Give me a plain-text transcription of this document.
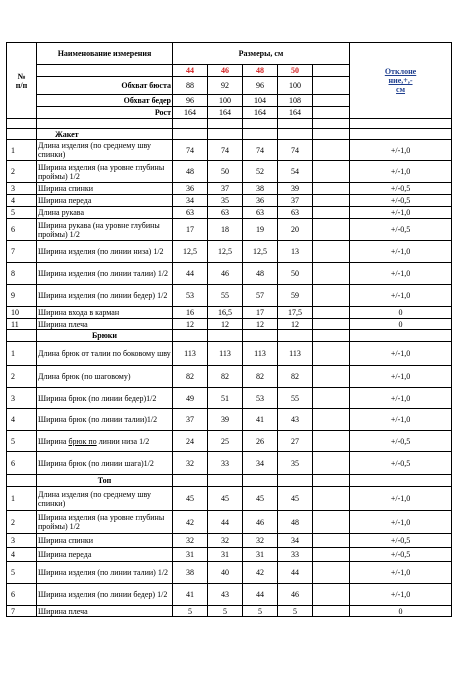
№
п/п	Наименование измерения	Размеры, см					Отклоне
ние,+,-
см
		44	46	48	50		
	Обхват бюста	88	92	96	100		
	Обхват бедер	96	100	104	108		
	Рост	164	164	164	164		

	Жакет						
1	Длина изделия (по среднему шву спинки)	74	74	74	74		+/-1,0
2	Ширина изделия (на уровне глубины проймы) 1/2	48	50	52	54		+/-1,0
3	Ширина спинки	36	37	38	39		+/-0,5
4	Ширина переда	34	35	36	37		+/-0,5
5	Длина рукава	63	63	63	63		+/-1,0
6	Ширина рукава (на уровне глубины проймы) 1/2	17	18	19	20		+/-0,5
7	Ширина изделия (по линии низа) 1/2	12,5	12,5	12,5	13		+/-1,0
8	Ширина изделия (по линии талии) 1/2	44	46	48	50		+/-1,0
9	Ширина изделия (по линии бедер) 1/2	53	55	57	59		+/-1,0
10	Ширина входа в карман	16	16,5	17	17,5		0
11	Ширина плеча	12	12	12	12		0
	Брюки						
1	Длина брюк от талии по боковому шву	113	113	113	113		+/-1,0
2	Длина брюк (по шаговому)	82	82	82	82		+/-1,0
3	Ширина брюк (по линии бедер)1/2	49	51	53	55		+/-1,0
4	Ширина брюк (по линии талии)1/2	37	39	41	43		+/-1,0
5	Ширина брюк по линии низа 1/2	24	25	26	27		+/-0,5
6	Ширина брюк (по линии шага)1/2	32	33	34	35		+/-0,5
	Топ						
1	Длина изделия (по среднему шву спинки)	45	45	45	45		+/-1,0
2	Ширина изделия (на уровне глубины проймы) 1/2	42	44	46	48		+/-1,0
3	Ширина спинки	32	32	32	34		+/-0,5
4	Ширина переда	31	31	31	33		+/-0,5
5	Ширина изделия (по линии талии) 1/2	38	40	42	44		+/-1,0
6	Ширина изделия (по линии бедер) 1/2	41	43	44	46		+/-1,0
7	Ширина плеча	5	5	5	5		0
